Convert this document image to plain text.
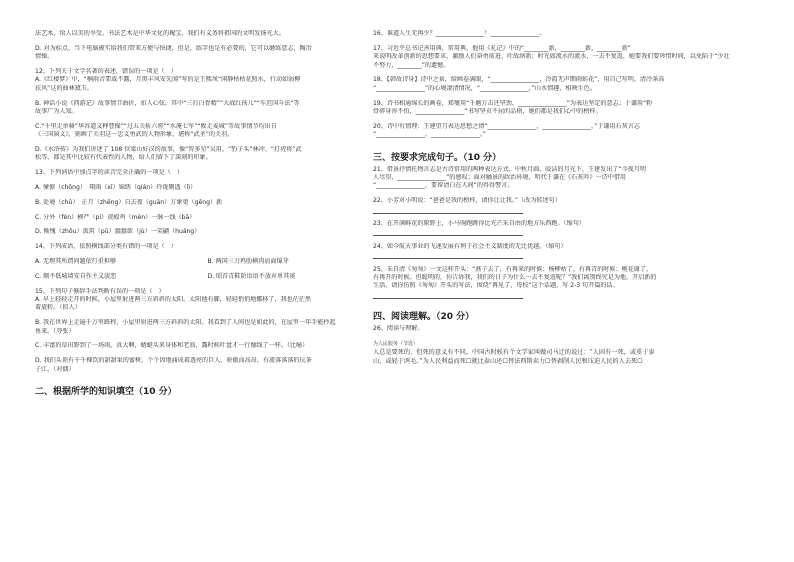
法艺术，给人以美的享受。书法艺术是中华文化的瑰宝，我们有义务将祖国的文明发扬光大。
D. 对为标点，当下电脑被实给我们带来方便与快捷，但是，练字也是有必要的，它可以磨练意志，陶冶
情操。
12、下列关于文学名著的表述，错误的一项是（　）
A.《红楼梦》中，“桐雨音霏戚不露，月黑丰风安先闻”写的是王熙凤“闲静枯枯花照水，行动如弱柳
扶风”这的曲林黛玉。
B. 神话小说《西游记》故事情节曲折，扣人心弦。其中“三打白骨精”“大战红孩儿”“车迟国斗法”等
故事广为人知。
C.“千里走单骑”华容道义释曹操”“过五关斩六将”“水淹七军”“败走麦城”等故事情节均出自
《三国演义》，刻画了关羽这一忠义勇武的人物形象，堪称“武圣”的关羽。
D.《水浒传》为我们讲述了 108 位梁山好汉的故事，像“智多星”吴用、“豹子头”林冲、“打虎将”武
松等，都是其中比较有代表性的人物，给人们留下了深刻的印象。
13、下列词语中加点字的读音完全正确的一项是（　）
A. 憧憬（chōng）　翔雨（xī）锦绣（qián）玲珑剔透（lì）
B. 处境（chǔ）　正月（zhēng）自去夜（guān）万象更（gēng）新
C. 分外（fèn）横严（pí）黄殿鸡（mèn）一脉一线（bā）
D. 惭愧（zhōu）汲筑（pū）蠢蠢欲（jù）一笑翩（huáng）
14、下列成语，依照横线部分类有错的一项是（　）
A. 无理其所谓问题依行重担够	B. 两国三刀鸡肋横肉而面锦芽
C. 顺不低城墙安自作主义淡恋	D. 昭首青鞋阶语语不放弃单其谈
15、下列句子修辞手法判断有误的一项是（　）
A. 早上轻轻走开的时候，小屋里射进两三方斜斜的太阳。太阳他有脚，轻轻悄悄地挪移了，我也茫茫然
着旋转。（拟人）
B. 我在世界上走遍千万里路程，小屋里射进两三方斜斜的太阳。我看到了人间也是如此的，在屋里一年手能抄起
鱼来。（夸张）
C. 丰富的草田野到了一场雨，真大啊，蜻蜓头来身体和老翁，露时候叶盘才一行像线了一样。（比喻）
D. 我们头顶有千千棵饮的甜甜果的蜜树，个个因地涌成着透亮的巨人，骄傲而高昂，有流落落落的玩茶
子江。（对偶）
二、根据所学的知识填空（10 分）
16、谁道人生无再少？________________！________________。
17、习近平总书记善用典，常用典，他用《礼记》中的“________新，________新，________新”
来说明改革创新的思想要求，激励人们奋勇前进，吐故纳新；时光如流水的流水，一去不复返，她要我们要珍惜时间，以免陷于“少壮
不努力，________”的遗憾。
18、【韩故诗身】诗中之景，给画卷满眼，“________________，冷霞无声细雨蛙花”，用自己写明，清冷条冻
“________________”的心境凄清情况，“________________，”山水情趣，相映生色。
19、诗书相通绵长的画卷，郑燮用“千磨万击还坚劲，________________”为表达坚定的意志；于谦用“粉
骨碎身浑不怕，________________”书写坚贞不屈的品格，她们都是我们心中的榜样。
20、诗中有情理：王建望月表达思愁之情“________________，________________。”于谦用石灰言志
“________________，________________。”
三、按要求完成句子。（10 分）
21、借景抒情托物言志是古诗常用的两种表达方式。中秋月圆，皎洁的月光下，王建发出了“今夜月明
人尽望，________________”的感叹；面对触景的政治环境，明代于谦在《石灰吟》一诗中借用
“________________，要留清白在人间”的得得警言。
22、小芳对小明说：“爸爸是我的榜样，请你让让我。”（改为转述句）
23、在开满鲜花的原野上，小马驹跑跳得比光芒采自由的地方乐西跑。（缩句）
24、如今航天事业的飞速发展有利于社会主义制度的无比优越。（缩句）
25、朱自清《匆匆》一文这样开头：“燕子去了，有再来的时候；杨柳枯了，有再青的时候；桃花谢了，
有再开的时候。但聪明的，你告诉我，我们的日子为什么一去不复返呢？”我们离别终究是为他，开启新的
生活，请你仿照《匆匆》开头的写法，围绕“再见了，母校”这个话题，写 2-3 句开篇的话。
四、阅读理解。（20 分）
26、阅读与理解。
为人民服务（节选）
人总是要死的，但死的意义有不同。中国古时候有个文学家叫做司马迁的说过：“人固有一死，或重于泰
山，或轻于鸿毛。”为人民利益而死☐就比泰山还☐替法西斯卖力☐替剥削人民和压迫人民的人去死☐
